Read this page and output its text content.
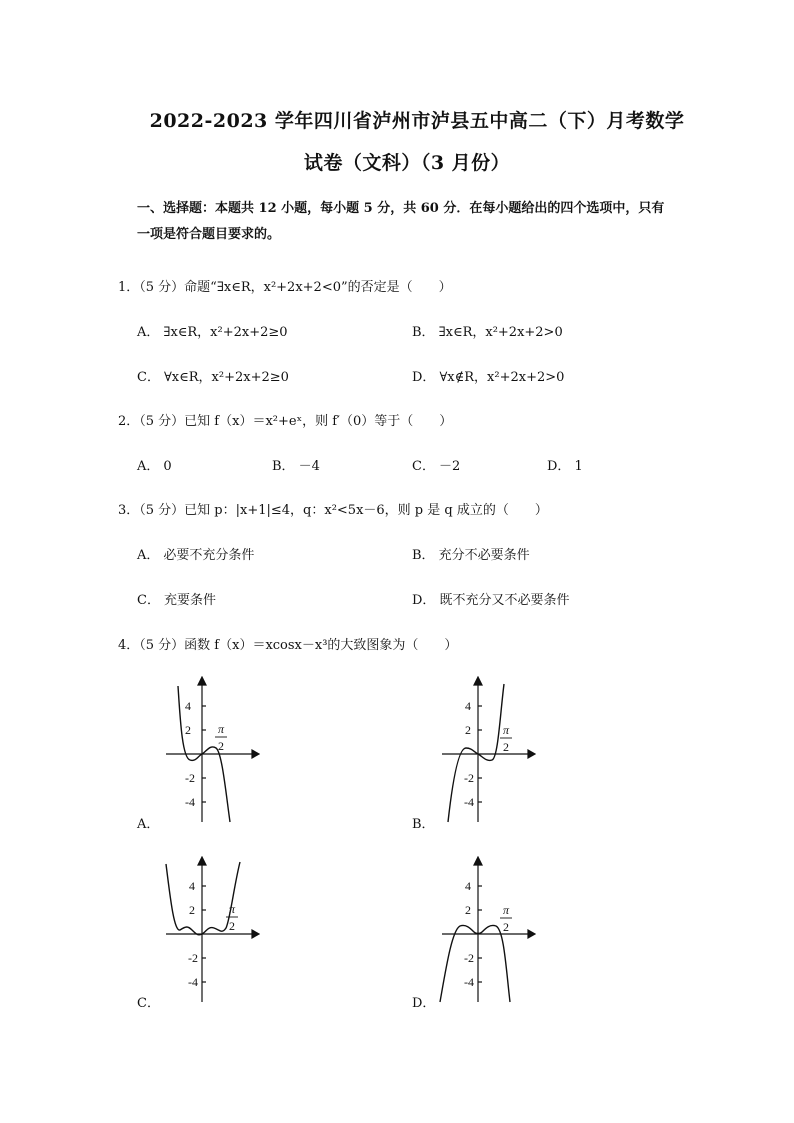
2022-2023 学年四川省泸州市泸县五中高二（下）月考数学
试卷（文科）（3 月份）
一、选择题：本题共 12 小题，每小题 5 分，共 60 分．在每小题给出的四个选项中，只有一项是符合题目要求的。
1．（5 分）命题“∃x∈R，x²+2x+2<0”的否定是（　　）
A． ∃x∈R，x²+2x+2≥0	B． ∃x∈R，x²+2x+2>0
C． ∀x∈R，x²+2x+2≥0	D． ∀x∉R，x²+2x+2>0
2．（5 分）已知 f（x）＝x²+eˣ，则 f′（0）等于（　　）
A． 0	B． －4	C． －2	D． 1
3．（5 分）已知 p：|x+1|≤4，q：x²<5x－6，则 p 是 q 成立的（　　）
A． 必要不充分条件	B． 充分不必要条件
C． 充要条件	D． 既不充分又不必要条件
4．（5 分）函数 f（x）＝xcosx－x³的大致图象为（　　）
4
2
-2
-4
π
2
A．
4
2
-2
-4
π
2
B．
4
2
-2
-4
π
2
C．
4
2
-2
-4
π
2
D．
